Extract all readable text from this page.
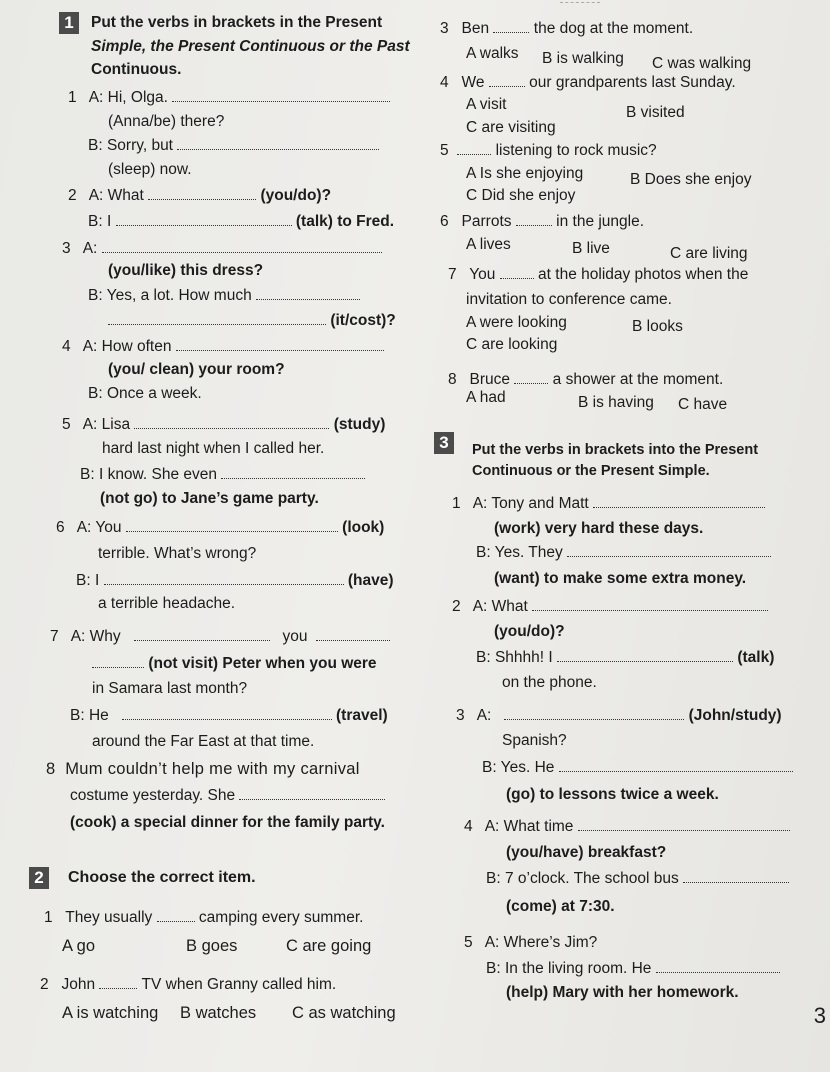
1	Put the verbs in brackets in the Present
Simple, the Present Continuous or the Past
Continuous.
1 A: Hi, Olga.
(Anna/be) there?
B: Sorry, but
(sleep) now.
2 A: What	(you/do)?
B: I	(talk) to Fred.
3 A:
(you/like) this dress?
B: Yes, a lot. How much
(it/cost)?
4 A: How often
(you/ clean) your room?
B: Once a week.
5 A: Lisa	(study)
hard last night when I called her.
B: I know. She even
(not go) to Jane’s game party.
6 A: You	(look)
terrible. What’s wrong?
B: I	(have)
a terrible headache.
7 A: Why	you
(not visit) Peter when you were
in Samara last month?
B: He	(travel)
around the Far East at that time.
8 Mum couldn’t help me with my carnival
costume yesterday. She
(cook) a special dinner for the family party.
2	Choose the correct item.
1 They usually	camping every summer.
A go	B goes	C are going
2 John	TV when Granny called him.
A is watching B watches C as watching
3 Ben	the dog at the moment.
A walks B is walking C was walking
4 We	our grandparents last Sunday.
A visit	B visited
C are visiting
5	listening to rock music?
A Is she enjoying	B Does she enjoy
C Did she enjoy
6 Parrots	in the jungle.
A lives	B live	C are living
7 You	at the holiday photos when the
invitation to conference came.
A were looking	B looks
C are looking
8 Bruce	a shower at the moment.
A had	B is having C have
3	Put the verbs in brackets into the Present
Continuous or the Present Simple.
1 A: Tony and Matt
(work) very hard these days.
B: Yes. They
(want) to make some extra money.
2 A: What
(you/do)?
B: Shhhh! I	(talk)
on the phone.
3 A:	(John/study)
Spanish?
B: Yes. He
(go) to lessons twice a week.
4 A: What time
(you/have) breakfast?
B: 7 o’clock. The school bus
(come) at 7:30.
5 A: Where’s Jim?
B: In the living room. He
(help) Mary with her homework.
3
